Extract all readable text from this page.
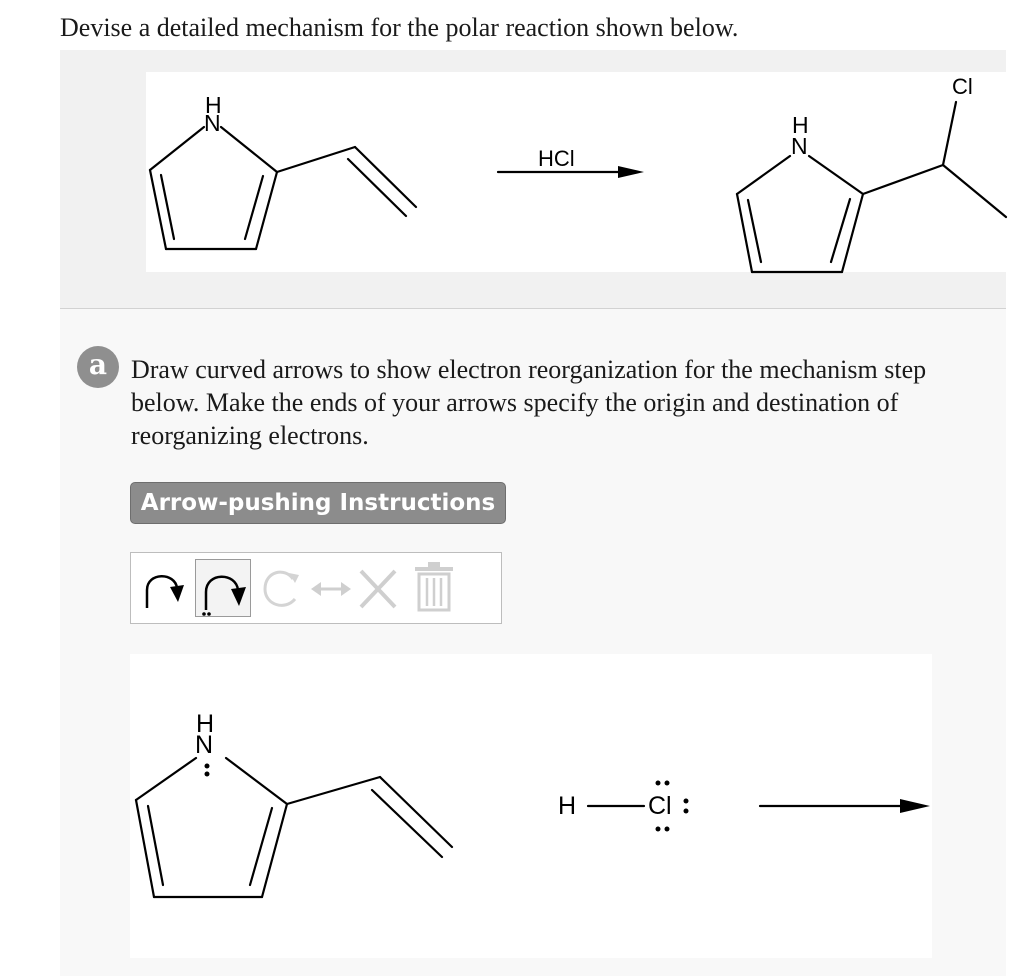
Devise a detailed mechanism for the polar reaction shown below.

H
N
HCl
H
N
Cl
a Draw curved arrows to show electron reorganization for the mechanism step below. Make the ends of your arrows specify the origin and destination of reorganizing electrons.

Arrow-pushing Instructions
H
N
H	Cl
